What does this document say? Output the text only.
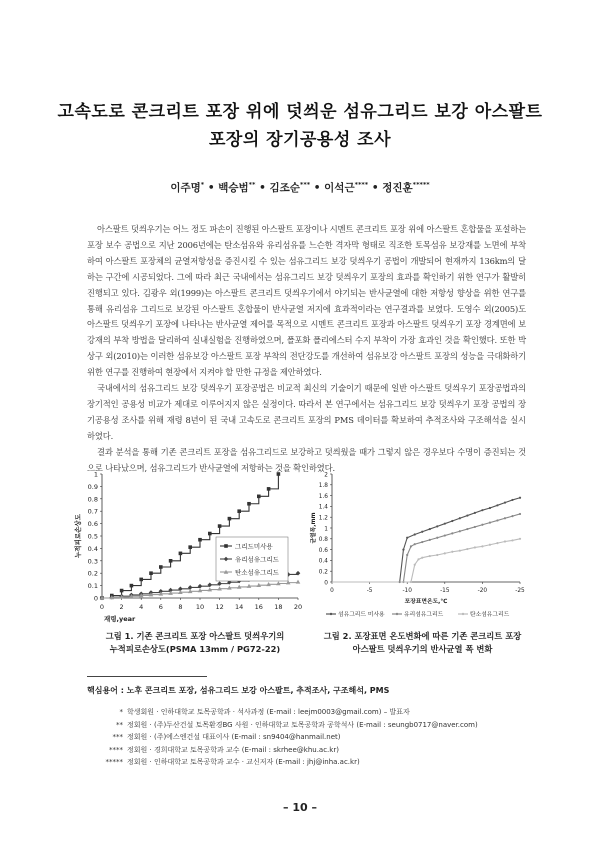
고속도로 콘크리트 포장 위에 덧씌운 섬유그리드 보강 아스팔트
포장의 장기공용성 조사
이주명* • 백승범** • 김조순*** • 이석근**** • 정진훈*****

아스팔트 덧씌우기는 어느 정도 파손이 진행된 아스팔트 포장이나 시멘트 콘크리트 포장 위에 아스팔트 혼합물을 포설하는 포장 보수 공법으로 지난 2006년에는 탄소섬유와 유리섬유를 느슨한 격자막 형태로 직조한 토목섬유 보강재를 노면에 부착하여 아스팔트 포장체의 균열저항성을 증진시킬 수 있는 섬유그리드 보강 덧씌우기 공법이 개발되어 현재까지 136km의 달하는 구간에 시공되었다. 그에 따라 최근 국내에서는 섬유그리드 보강 덧씌우기 포장의 효과를 확인하기 위한 연구가 활발히 진행되고 있다. 김광우 외(1999)는 아스팔트 콘크리트 덧씌우기에서 야기되는 반사균열에 대한 저항성 향상을 위한 연구를 통해 유리섬유 그리드로 보강된 아스팔트 혼합물이 반사균열 저지에 효과적이라는 연구결과를 보였다. 도영수 외(2005)도 아스팔트 덧씌우기 포장에 나타나는 반사균열 제어를 목적으로 시멘트 콘크리트 포장과 아스팔트 덧씌우기 포장 경계면에 보강재의 부착 방법을 달리하여 실내실험을 진행하였으며, 폴포화 폴리에스터 수지 부착이 가장 효과인 것을 확인했다. 또한 박상구 외(2010)는 이러한 섬유보강 아스팔트 포장 부착의 전단강도를 개선하여 섬유보강 아스팔트 포장의 성능을 극대화하기 위한 연구를 진행하여 현장에서 지켜야 할 만한 규정을 제안하였다.

국내에서의 섬유그리드 보강 덧씌우기 포장공법은 비교적 최신의 기술이기 때문에 일반 아스팔트 덧씌우기 포장공법과의 장기적인 공용성 비교가 제대로 이루어지지 않은 실정이다. 따라서 본 연구에서는 섬유그리드 보강 덧씌우기 포장 공법의 장기공용성 조사를 위해 재령 8년이 된 국내 고속도로 콘크리트 포장의 PMS 데이터를 확보하여 추적조사와 구조해석을 실시하였다.

결과 분석을 통해 기존 콘크리트 포장을 섬유그리드로 보강하고 덧씌웠을 때가 그렇지 않은 경우보다 수명이 증진되는 것으로 나타났으며, 섬유그리드가 반사균열에 저항하는 것을 확인하였다.

0
0.1
0.2
0.3
0.4
0.5
0.6
0.7
0.8
0.9
1
0 2 4 6 8 10 12 14 16 18 20
재령,year
누적피로손상도	그리드미사용
유리섬유그리드
탄소섬유그리드
그림 1. 기존 콘크리트 포장 아스팔트 덧씌우기의
누적피로손상도(PSMA 13mm / PG72-22)
0
0.2
0.4
0.6
0.8
1
1.2
1.4
1.6
1.8
2
0	-5	-10	-15	-20	-25
포장표면온도,℃
균열폭,mm
섬유그리드 미사용	유리섬유그리드	탄소섬유그리드
그림 2. 포장표면 온도변화에 따른 기존 콘크리트 포장
아스팔트 덧씌우기의 반사균열 폭 변화
핵심용어 : 노후 콘크리트 포장, 섬유그리드 보강 아스팔트, 추적조사, 구조해석, PMS
* 학생회원 · 인하대학교 토목공학과 · 석사과정 (E-mail : leejm0003@gmail.com) – 발표자
** 정회원 · (주)두산건설 토목환경BG 사원 · 인하대학교 토목공학과 공학석사 (E-mail : seungb0717@naver.com)
*** 정회원 · (주)에스엔건설 대표이사 (E-mail : sn9404@hanmail.net)
**** 정회원 · 경희대학교 토목공학과 교수 (E-mail : skrhee@khu.ac.kr)
***** 정회원 · 인하대학교 토목공학과 교수 · 교신저자 (E-mail : jhj@inha.ac.kr)
– 10 –
